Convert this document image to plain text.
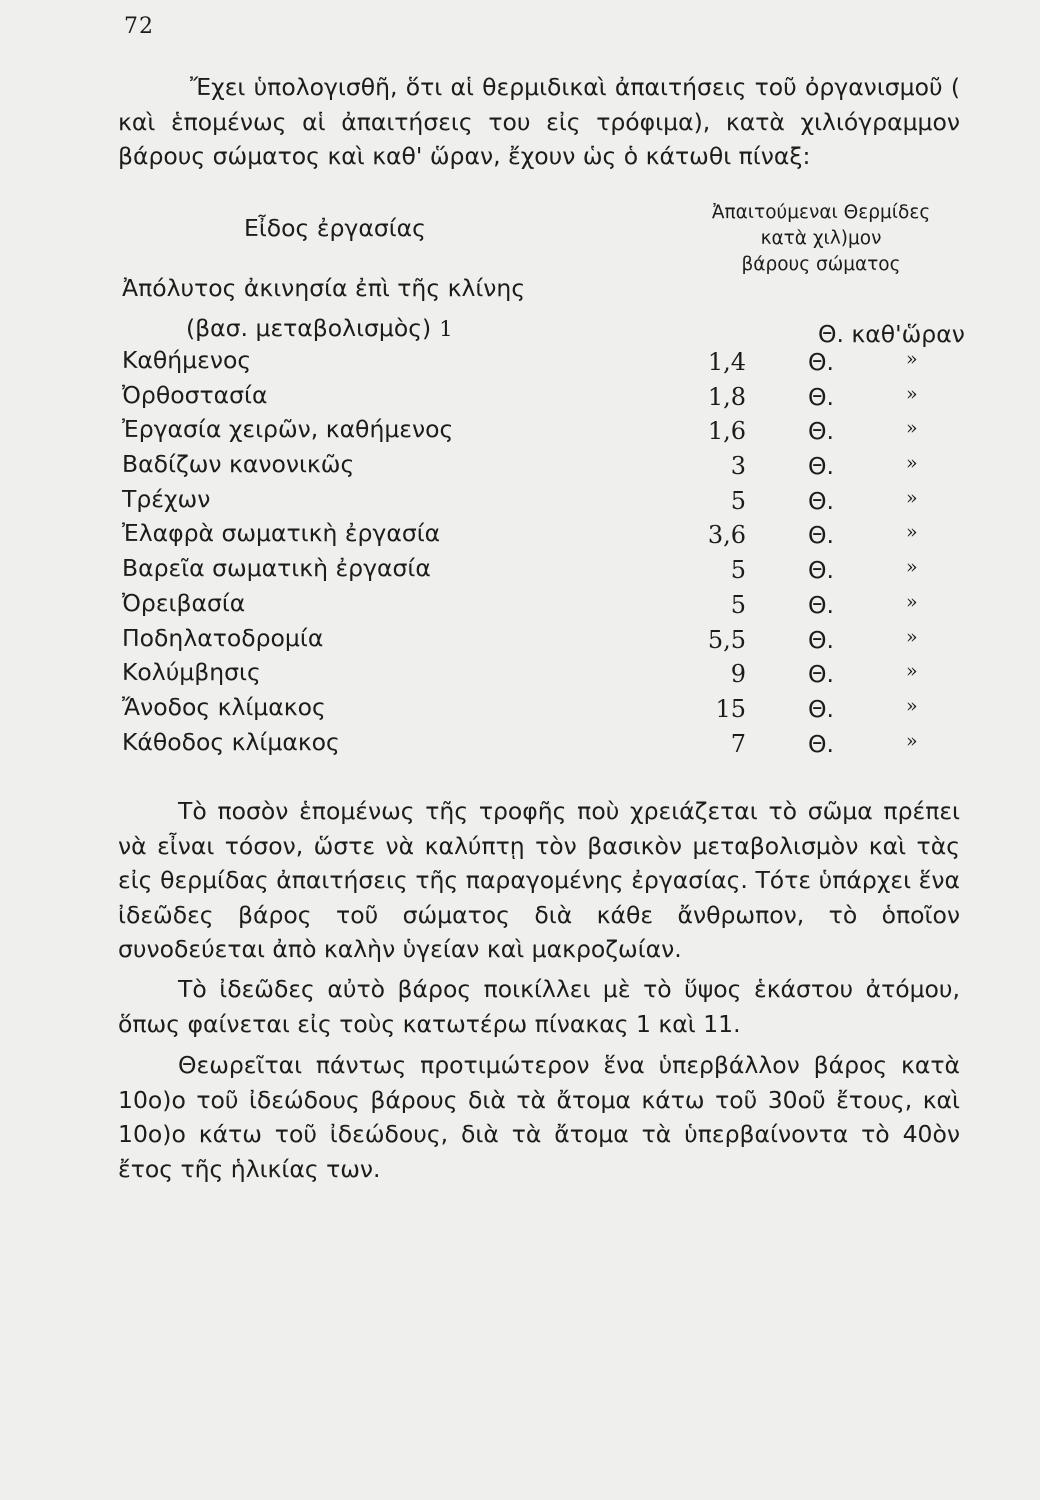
72

Ἔχει ὑπολογισθῆ, ὅτι αἱ θερμιδικαὶ ἀπαιτήσεις τοῦ ὀργανισμοῦ ( καὶ ἑπομένως αἱ ἀπαιτήσεις του εἰς τρόφιμα), κατὰ χιλιόγραμμον βάρους σώματος καὶ καθ' ὥραν, ἔχουν ὡς ὁ κάτωθι πίναξ:

Εἶδος ἐργασίας
Ἀπαιτούμεναι Θερμίδες
κατὰ χιλ)μον
βάρους σώματος
Ἀπόλυτος ἀκινησία ἐπὶ τῆς κλίνης
(βασ. μεταβολισμὸς) 1	Θ. καθ'ὥραν
Καθήμενος	1,4	Θ.	»
Ὀρθοστασία	1,8	Θ.	»
Ἐργασία χειρῶν, καθήμενος	1,6	Θ.	»
Βαδίζων κανονικῶς	3	Θ.	»
Τρέχων	5	Θ.	»
Ἐλαφρὰ σωματικὴ ἐργασία	3,6	Θ.	»
Βαρεῖα σωματικὴ ἐργασία	5	Θ.	»
Ὀρειβασία	5	Θ.	»
Ποδηλατοδρομία	5,5	Θ.	»
Κολύμβησις	9	Θ.	»
Ἄνοδος κλίμακος	15	Θ.	»
Κάθοδος κλίμακος	7	Θ.	»

Τὸ ποσὸν ἑπομένως τῆς τροφῆς ποὺ χρειάζεται τὸ σῶμα πρέπει νὰ εἶναι τόσον, ὥστε νὰ καλύπτῃ τὸν βασικὸν μεταβολισμὸν καὶ τὰς εἰς θερμίδας ἀπαιτήσεις τῆς παραγομένης ἐργασίας. Τότε ὑπάρχει ἕνα ἰδεῶδες βάρος τοῦ σώματος διὰ κάθε ἄνθρωπον, τὸ ὁποῖον συνοδεύεται ἀπὸ καλὴν ὑγείαν καὶ μακροζωίαν.

Τὸ ἰδεῶδες αὐτὸ βάρος ποικίλλει μὲ τὸ ὕψος ἑκάστου ἀτόμου, ὅπως φαίνεται εἰς τοὺς κατωτέρω πίνακας 1 καὶ 11.

Θεωρεῖται πάντως προτιμώτερον ἕνα ὑπερβάλλον βάρος κατὰ 10ο)ο τοῦ ἰδεώδους βάρους διὰ τὰ ἄτομα κάτω τοῦ 30οῦ ἔτους, καὶ 10ο)ο κάτω τοῦ ἰδεώδους, διὰ τὰ ἄτομα τὰ ὑπερβαίνοντα τὸ 40ὸν ἔτος τῆς ἡλικίας των.
